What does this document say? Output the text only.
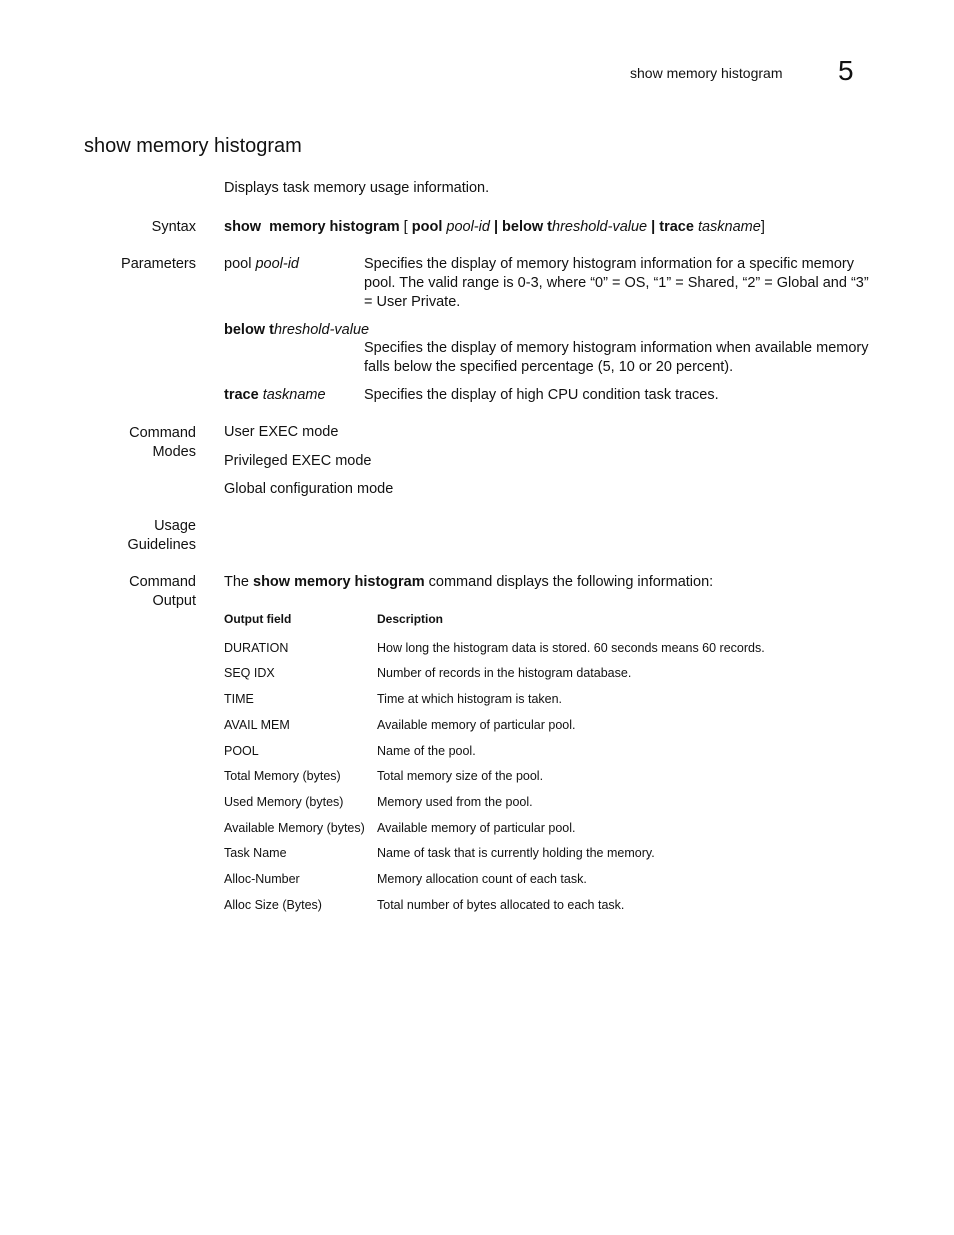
show memory histogram 5
show memory histogram
Displays task memory usage information.
Syntax show  memory histogram [ pool pool-id | below threshold-value | trace taskname]
Parameters pool pool-id	Specifies the display of memory histogram information for a specific memory pool. The valid range is 0-3, where “0” = OS, “1” = Shared, “2” = Global and “3” = User Private.
below threshold-value
Specifies the display of memory histogram information when available memory falls below the specified percentage (5, 10 or 20 percent).
trace taskname	Specifies the display of high CPU condition task traces.
Command
Modes
User EXEC mode
Privileged EXEC mode
Global configuration mode
Usage
Guidelines
Command
Output
The show memory histogram command displays the following information:
Output field	Description
DURATION	How long the histogram data is stored. 60 seconds means 60 records.
SEQ IDX	Number of records in the histogram database.
TIME	Time at which histogram is taken.
AVAIL MEM	Available memory of particular pool.
POOL	Name of the pool.
Total Memory (bytes)	Total memory size of the pool.
Used Memory (bytes)	Memory used from the pool.
Available Memory (bytes) Available memory of particular pool.
Task Name	Name of task that is currently holding the memory.
Alloc-Number	Memory allocation count of each task.
Alloc Size (Bytes)	Total number of bytes allocated to each task.
